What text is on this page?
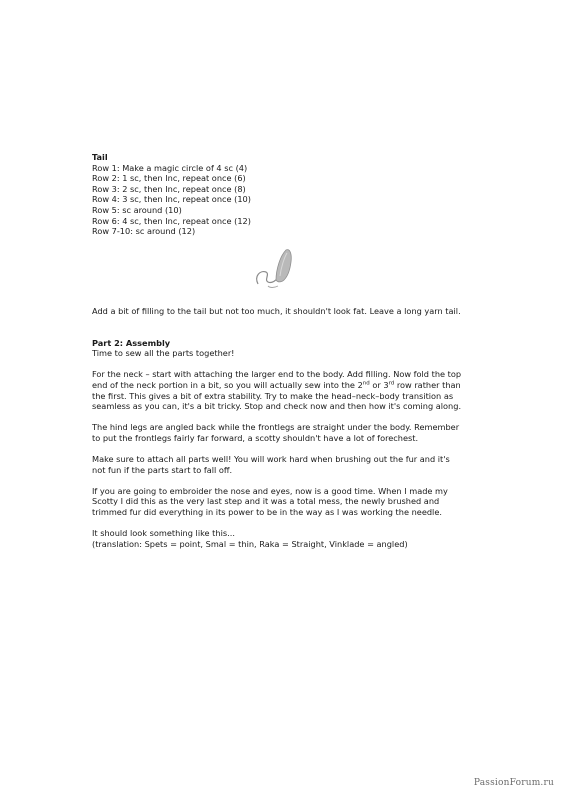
Tail

Row 1: Make a magic circle of 4 sc (4)

Row 2: 1 sc, then Inc, repeat once (6)

Row 3: 2 sc, then Inc, repeat once (8)

Row 4: 3 sc, then Inc, repeat once (10)

Row 5: sc around (10)

Row 6: 4 sc, then Inc, repeat once (12)

Row 7-10: sc around (12)

Add a bit of filling to the tail but not too much, it shouldn't look fat. Leave a long yarn tail.

Part 2: Assembly

Time to sew all the parts together!

For the neck – start with attaching the larger end to the body. Add filling. Now fold the top end of the neck portion in a bit, so you will actually sew into the 2nd or 3rd row rather than the first. This gives a bit of extra stability. Try to make the head–neck–body transition as seamless as you can, it's a bit tricky. Stop and check now and then how it's coming along.

The hind legs are angled back while the frontlegs are straight under the body. Remember to put the frontlegs fairly far forward, a scotty shouldn't have a lot of forechest.

Make sure to attach all parts well! You will work hard when brushing out the fur and it's not fun if the parts start to fall off.

If you are going to embroider the nose and eyes, now is a good time. When I made my Scotty I did this as the very last step and it was a total mess, the newly brushed and trimmed fur did everything in its power to be in the way as I was working the needle.

It should look something like this...

(translation: Spets = point, Smal = thin, Raka = Straight, Vinklade = angled)

PassionForum.ru
